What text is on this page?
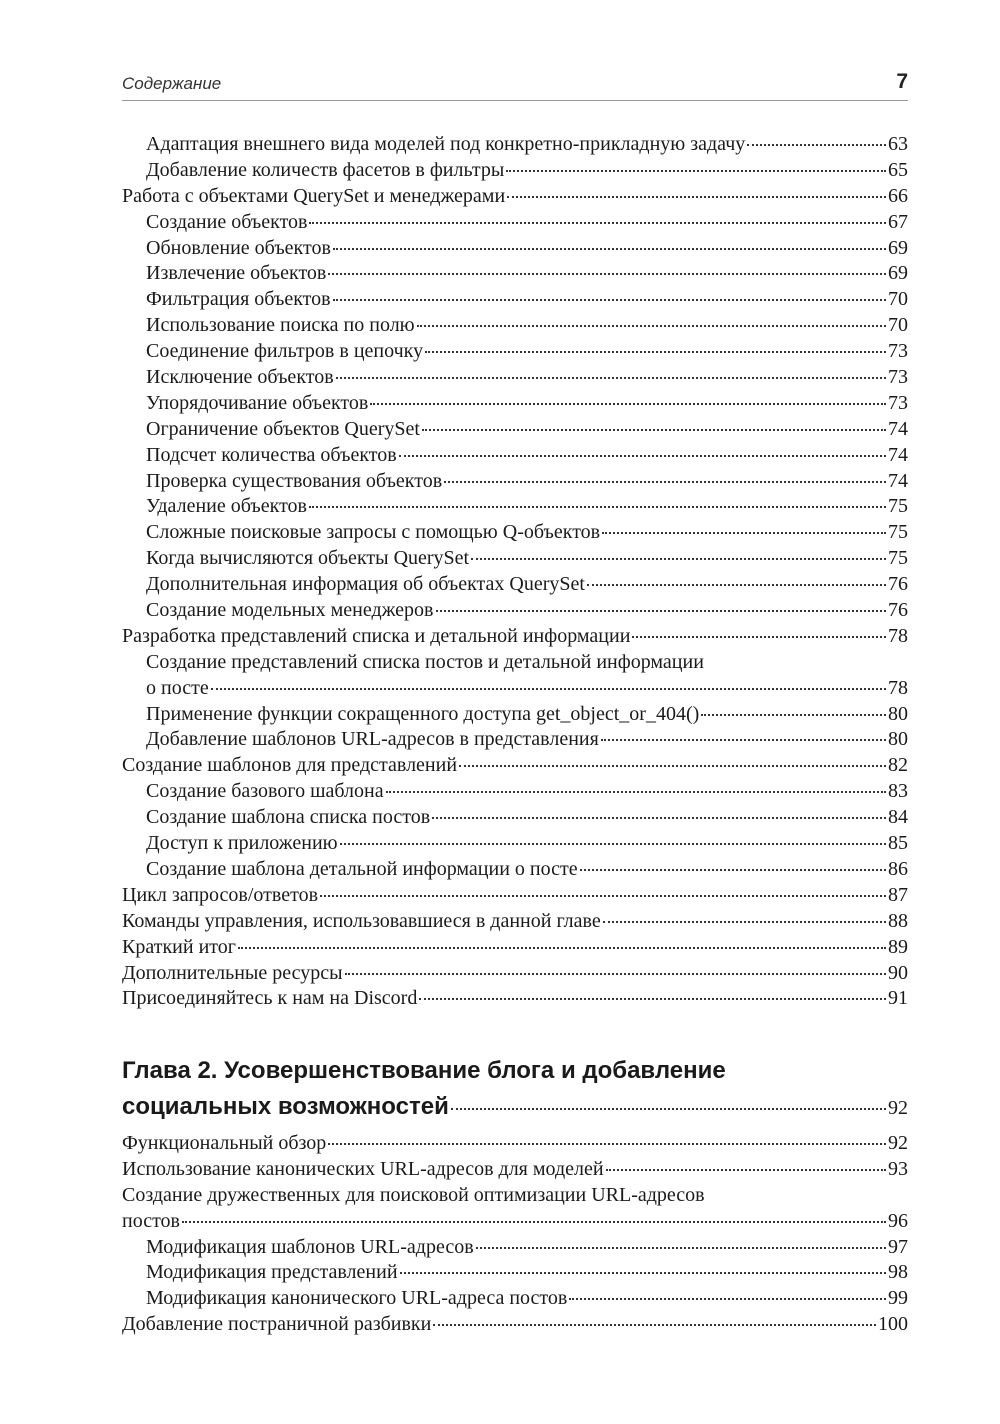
Содержание	7
Адаптация внешнего вида моделей под конкретно-прикладную задачу	63
Добавление количеств фасетов в фильтры	65
Работа с объектами QuerySet и менеджерами	66
Создание объектов	67
Обновление объектов	69
Извлечение объектов	69
Фильтрация объектов	70
Использование поиска по полю	70
Соединение фильтров в цепочку	73
Исключение объектов	73
Упорядочивание объектов	73
Ограничение объектов QuerySet	74
Подсчет количества объектов	74
Проверка существования объектов	74
Удаление объектов	75
Сложные поисковые запросы с помощью Q-объектов	75
Когда вычисляются объекты QuerySet	75
Дополнительная информация об объектах QuerySet	76
Создание модельных менеджеров	76
Разработка представлений списка и детальной информации	78
Создание представлений списка постов и детальной информации
о посте	78
Применение функции сокращенного доступа get_object_or_404()	80
Добавление шаблонов URL-адресов в представления	80
Создание шаблонов для представлений	82
Создание базового шаблона	83
Создание шаблона списка постов	84
Доступ к приложению	85
Создание шаблона детальной информации о посте	86
Цикл запросов/ответов	87
Команды управления, использовавшиеся в данной главе	88
Краткий итог	89
Дополнительные ресурсы	90
Присоединяйтесь к нам на Discord	91
Глава 2. Усовершенствование блога и добавление
социальных возможностей	92
Функциональный обзор	92
Использование канонических URL-адресов для моделей	93
Создание дружественных для поисковой оптимизации URL-адресов
постов	96
Модификация шаблонов URL-адресов	97
Модификация представлений	98
Модификация канонического URL-адреса постов	99
Добавление постраничной разбивки	100
